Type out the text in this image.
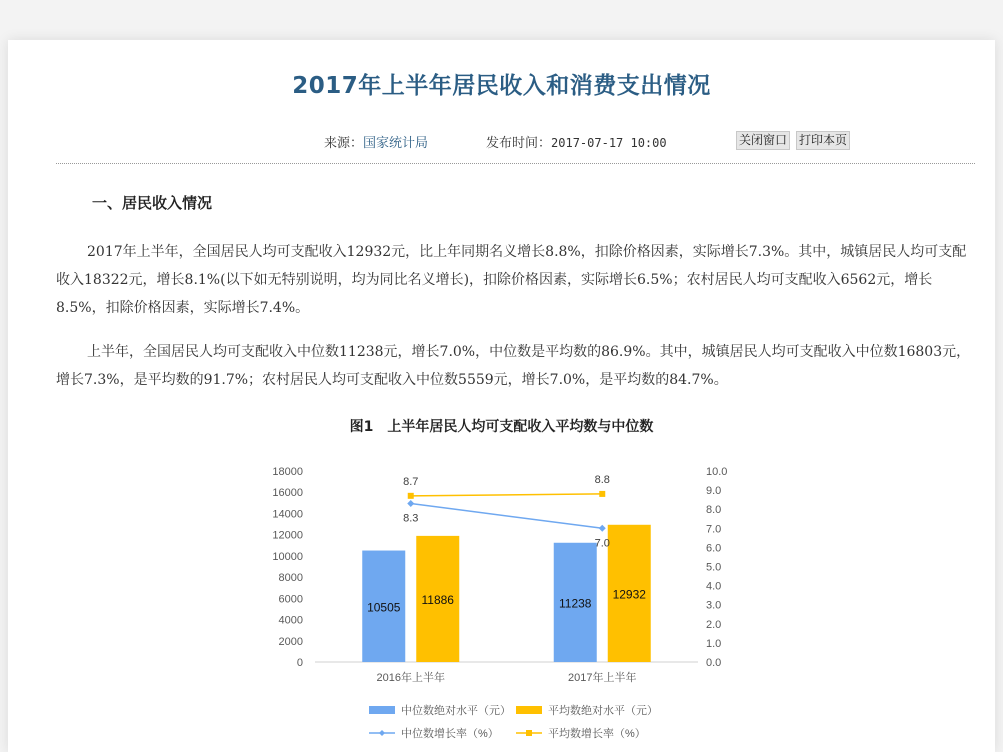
2017年上半年居民收入和消费支出情况
来源：国家统计局	发布时间：2017-07-17 10:00	关闭窗口 打印本页
一、居民收入情况

2017年上半年，全国居民人均可支配收入12932元，比上年同期名义增长8.8%，扣除价格因素，实际增长7.3%。其中，城镇居民人均可支配收入18322元，增长8.1%(以下如无特别说明，均为同比名义增长)，扣除价格因素，实际增长6.5%；农村居民人均可支配收入6562元，增长8.5%，扣除价格因素，实际增长7.4%。

上半年，全国居民人均可支配收入中位数11238元，增长7.0%，中位数是平均数的86.9%。其中，城镇居民人均可支配收入中位数16803元，增长7.3%，是平均数的91.7%；农村居民人均可支配收入中位数5559元，增长7.0%，是平均数的84.7%。

图1　上半年居民人均可支配收入平均数与中位数
0
2000
4000
6000
8000
10000
12000
14000
16000
18000
0.0
1.0
2.0
3.0
4.0
5.0
6.0
7.0
8.0
9.0
10.0
2016年上半年
10505
11886
2017年上半年
11238
12932
8.3
7.0
8.7	8.8
中位数绝对水平（元）	平均数绝对水平（元）
中位数增长率（%）	平均数增长率（%）
